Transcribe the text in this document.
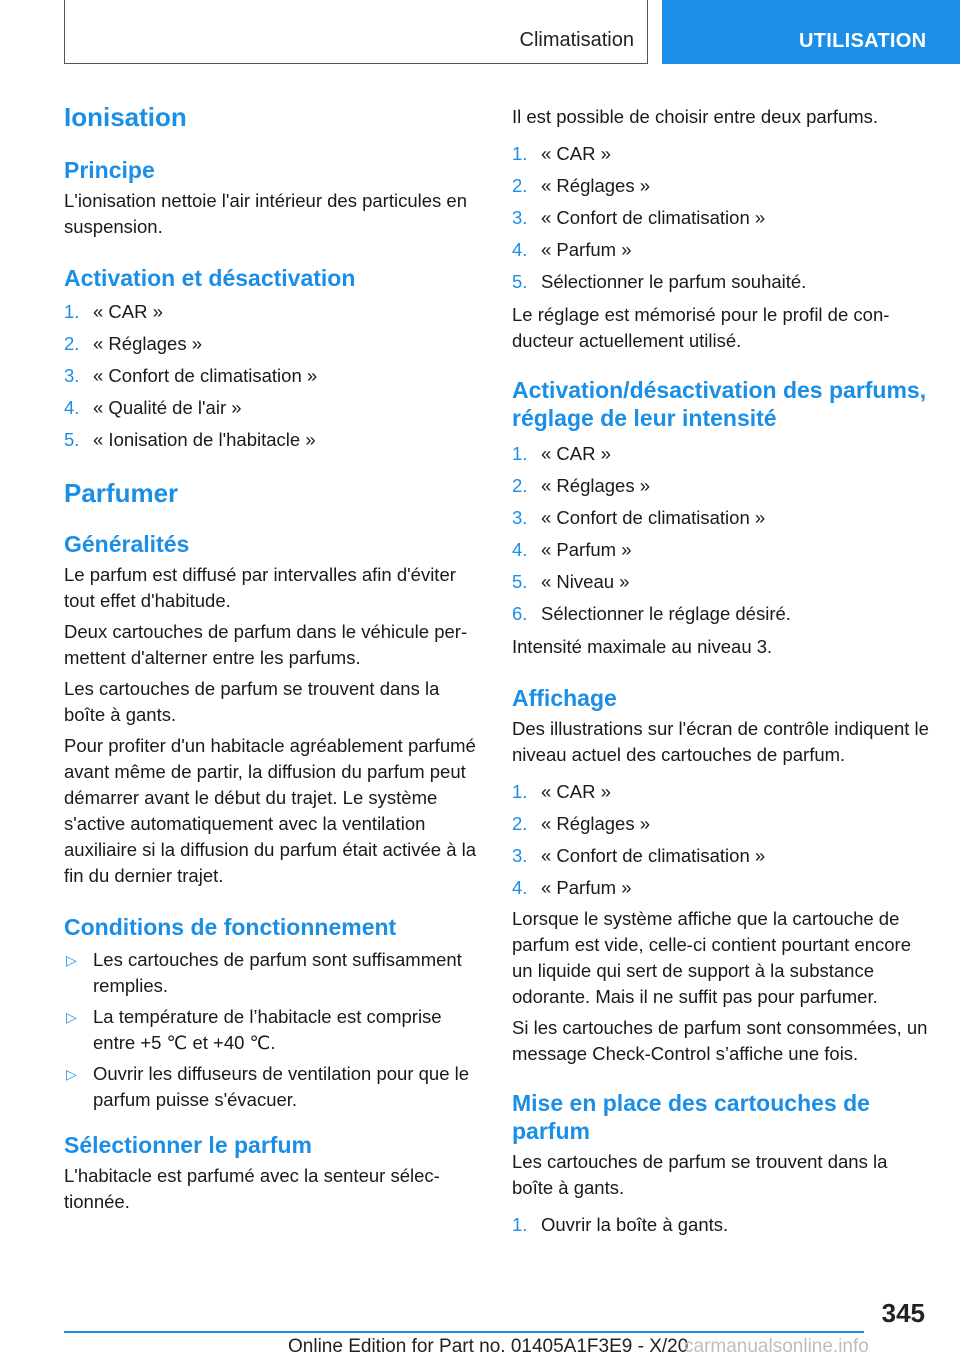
Climatisation	UTILISATION
Ionisation
Principe

L'ionisation nettoie l'air intérieur des particules en suspension.

Activation et désactivation
1. « CAR »
2. « Réglages »
3. « Confort de climatisation »
4. « Qualité de l'air »
5. « Ionisation de l'habitacle »
Parfumer
Généralités

Le parfum est diffusé par intervalles afin d'éviter tout effet d'habitude.

Deux cartouches de parfum dans le véhicule permettent d'alterner entre les parfums.

Les cartouches de parfum se trouvent dans la boîte à gants.

Pour profiter d'un habitacle agréablement parfumé avant même de partir, la diffusion du parfum peut démarrer avant le début du trajet. Le système s'active automatiquement avec la ventilation auxiliaire si la diffusion du parfum était activée à la fin du dernier trajet.

Conditions de fonctionnement
▷ Les cartouches de parfum sont suffisamment remplies.
▷ La température de l’habitacle est comprise entre +5 ℃ et +40 ℃.
▷ Ouvrir les diffuseurs de ventilation pour que le parfum puisse s'évacuer.
Sélectionner le parfum

L'habitacle est parfumé avec la senteur sélectionnée.

Il est possible de choisir entre deux parfums.

1. « CAR »
2. « Réglages »
3. « Confort de climatisation »
4. « Parfum »
5. Sélectionner le parfum souhaité.

Le réglage est mémorisé pour le profil de conducteur actuellement utilisé.

Activation/désactivation des parfums, réglage de leur intensité
1. « CAR »
2. « Réglages »
3. « Confort de climatisation »
4. « Parfum »
5. « Niveau »
6. Sélectionner le réglage désiré.

Intensité maximale au niveau 3.

Affichage

Des illustrations sur l'écran de contrôle indiquent le niveau actuel des cartouches de parfum.

1. « CAR »
2. « Réglages »
3. « Confort de climatisation »
4. « Parfum »

Lorsque le système affiche que la cartouche de parfum est vide, celle-ci contient pourtant encore un liquide qui sert de support à la substance odorante. Mais il ne suffit pas pour parfumer.

Si les cartouches de parfum sont consommées, un message Check-Control s’affiche une fois.

Mise en place des cartouches de parfum

Les cartouches de parfum se trouvent dans la boîte à gants.

1. Ouvrir la boîte à gants.
345
Online Edition for Part no. 01405A1F3E9 - X/20
carmanualsonline.info
